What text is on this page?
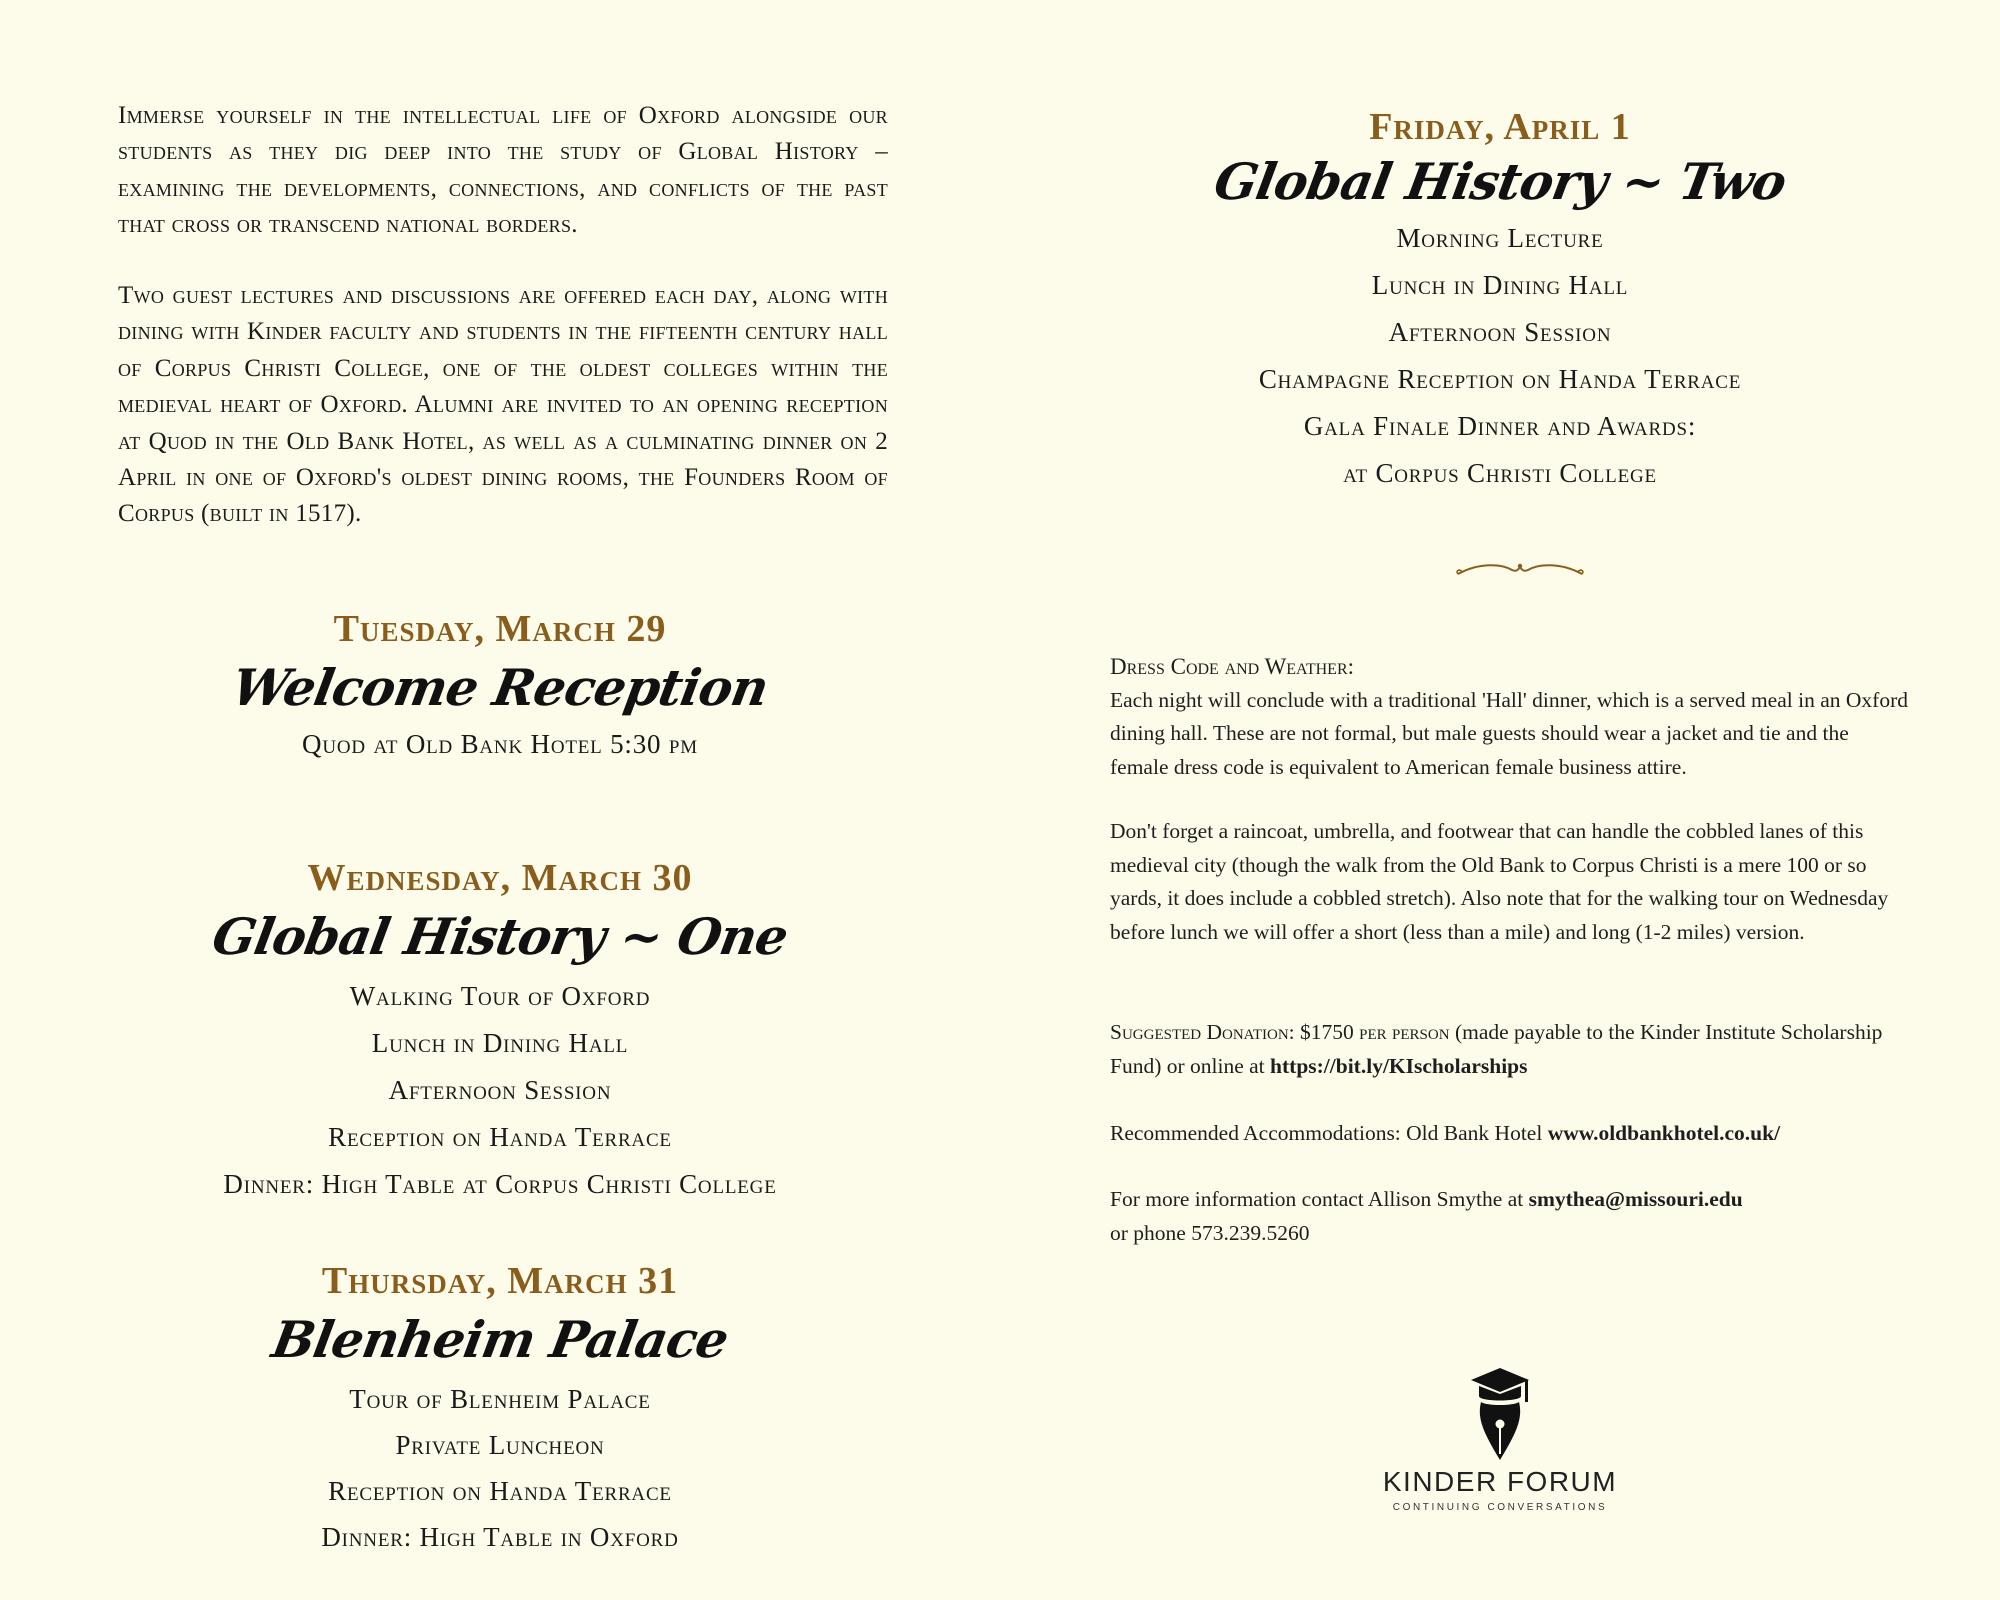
Immerse yourself in the intellectual life of Oxford alongside our students as they dig deep into the study of Global History – examining the developments, connections, and conflicts of the past that cross or transcend national borders.

Two guest lectures and discussions are offered each day, along with dining with Kinder faculty and students in the fifteenth century hall of Corpus Christi College, one of the oldest colleges within the medieval heart of Oxford. Alumni are invited to an opening reception at Quod in the Old Bank Hotel, as well as a culminating dinner on 2 April in one of Oxford's oldest dining rooms, the Founders Room of Corpus (built in 1517).

Tuesday, March 29
Welcome Reception

Quod at Old Bank Hotel 5:30 pm

Wednesday, March 30
Global History ~ One
Walking Tour of Oxford
Lunch in Dining Hall
Afternoon Session
Reception on Handa Terrace
Dinner: High Table at Corpus Christi College
Thursday, March 31
Blenheim Palace
Tour of Blenheim Palace
Private Luncheon
Reception on Handa Terrace
Dinner: High Table in Oxford
Friday, April 1
Global History ~ Two
Morning Lecture
Lunch in Dining Hall
Afternoon Session
Champagne Reception on Handa Terrace
Gala Finale Dinner and Awards:
at Corpus Christi College
Dress Code and Weather:
Each night will conclude with a traditional 'Hall' dinner, which is a served meal in an Oxford dining hall. These are not formal, but male guests should wear a jacket and tie and the female dress code is equivalent to American female business attire.

Don't forget a raincoat, umbrella, and footwear that can handle the cobbled lanes of this medieval city (though the walk from the Old Bank to Corpus Christi is a mere 100 or so yards, it does include a cobbled stretch). Also note that for the walking tour on Wednesday before lunch we will offer a short (less than a mile) and long (1-2 miles) version.

Suggested Donation: $1750 per person (made payable to the Kinder Institute Scholarship Fund) or online at https://bit.ly/KIscholarships

Recommended Accommodations: Old Bank Hotel www.oldbankhotel.co.uk/

For more information contact Allison Smythe at smythea@missouri.edu
or phone 573.239.5260
KINDER FORUM
CONTINUING CONVERSATIONS
